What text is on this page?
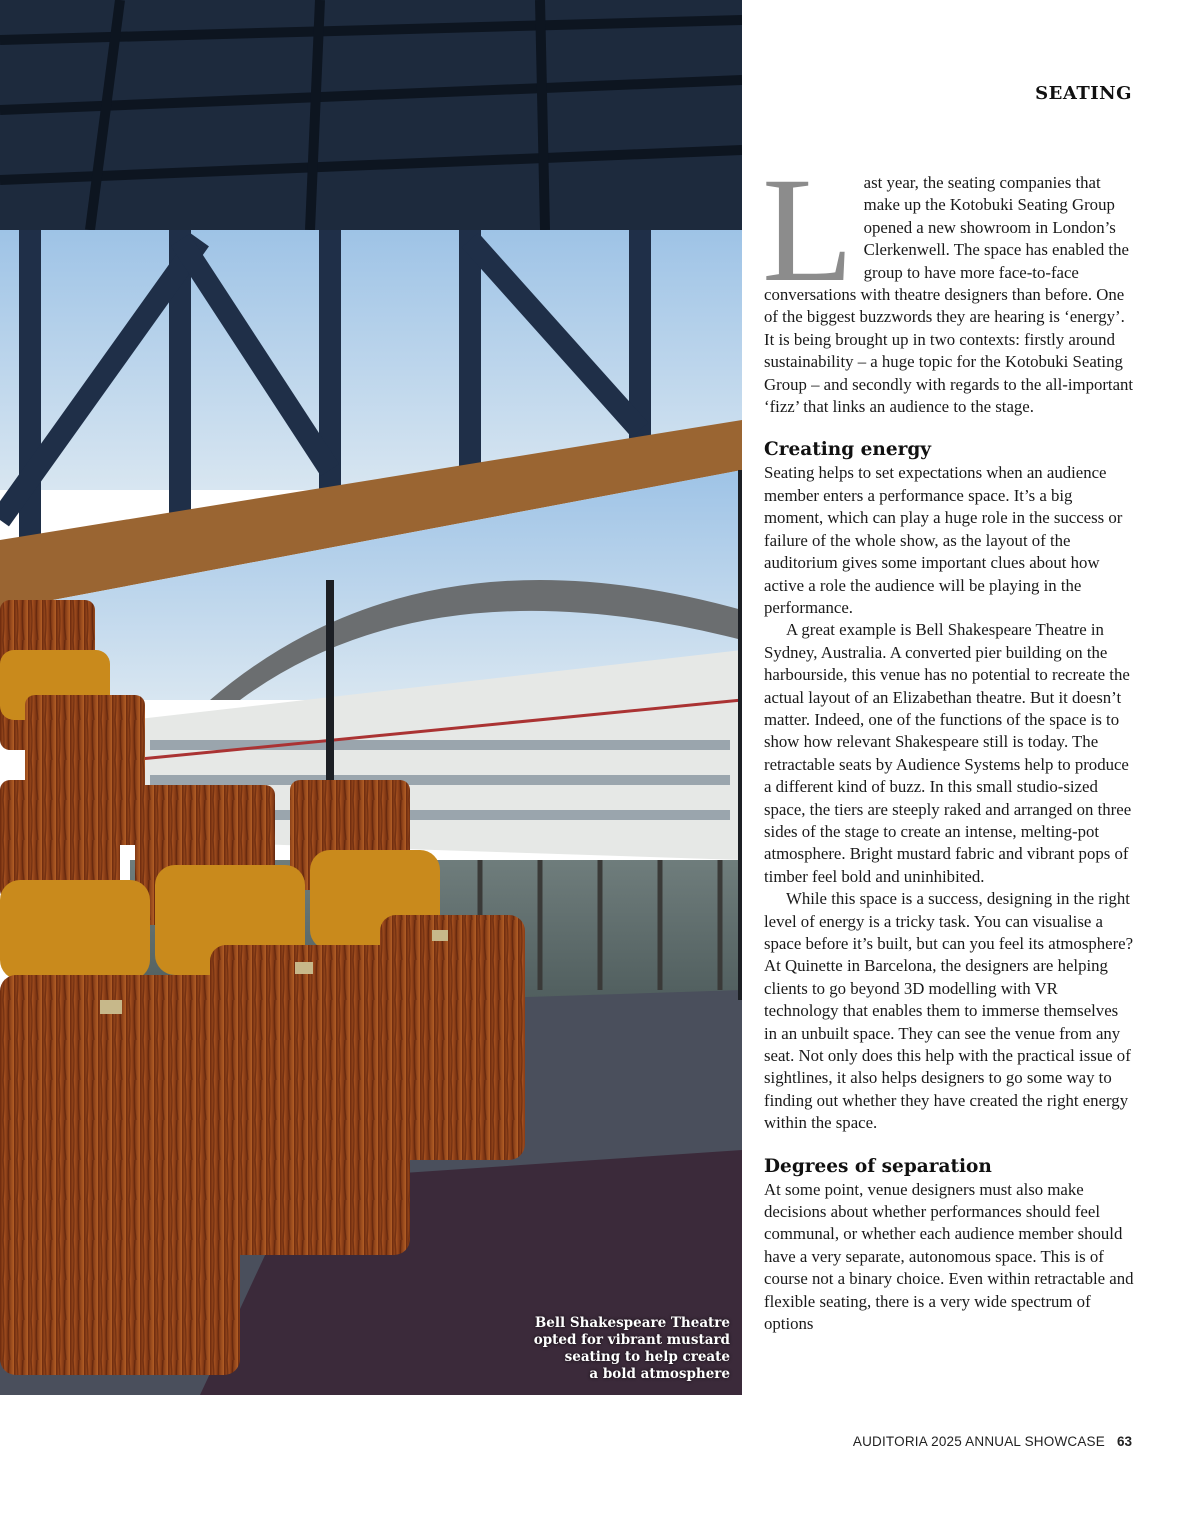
Bell Shakespeare Theatre
opted for vibrant mustard
seating to help create
a bold atmosphere
SEATING

Last year, the seating companies that make up the Kotobuki Seating Group opened a new showroom in London’s Clerkenwell. The space has enabled the group to have more face-to-face conversations with theatre designers than before. One of the biggest buzzwords they are hearing is ‘energy’. It is being brought up in two contexts: firstly around sustainability – a huge topic for the Kotobuki Seating Group – and secondly with regards to the all-important ‘fizz’ that links an audience to the stage.

Creating energy

Seating helps to set expectations when an audience member enters a performance space. It’s a big moment, which can play a huge role in the success or failure of the whole show, as the layout of the auditorium gives some important clues about how active a role the audience will be playing in the performance.

A great example is Bell Shakespeare Theatre in Sydney, Australia. A converted pier building on the harbourside, this venue has no potential to recreate the actual layout of an Elizabethan theatre. But it doesn’t matter. Indeed, one of the functions of the space is to show how relevant Shakespeare still is today. The retractable seats by Audience Systems help to produce a different kind of buzz. In this small studio-sized space, the tiers are steeply raked and arranged on three sides of the stage to create an intense, melting-pot atmosphere. Bright mustard fabric and vibrant pops of timber feel bold and uninhibited.

While this space is a success, designing in the right level of energy is a tricky task. You can visualise a space before it’s built, but can you feel its atmosphere? At Quinette in Barcelona, the designers are helping clients to go beyond 3D modelling with VR technology that enables them to immerse themselves in an unbuilt space. They can see the venue from any seat. Not only does this help with the practical issue of sightlines, it also helps designers to go some way to finding out whether they have created the right energy within the space.

Degrees of separation

At some point, venue designers must also make decisions about whether performances should feel communal, or whether each audience member should have a very separate, autonomous space. This is of course not a binary choice. Even within retractable and flexible seating, there is a very wide spectrum of options

AUDITORIA 2025 ANNUAL SHOWCASE 63
